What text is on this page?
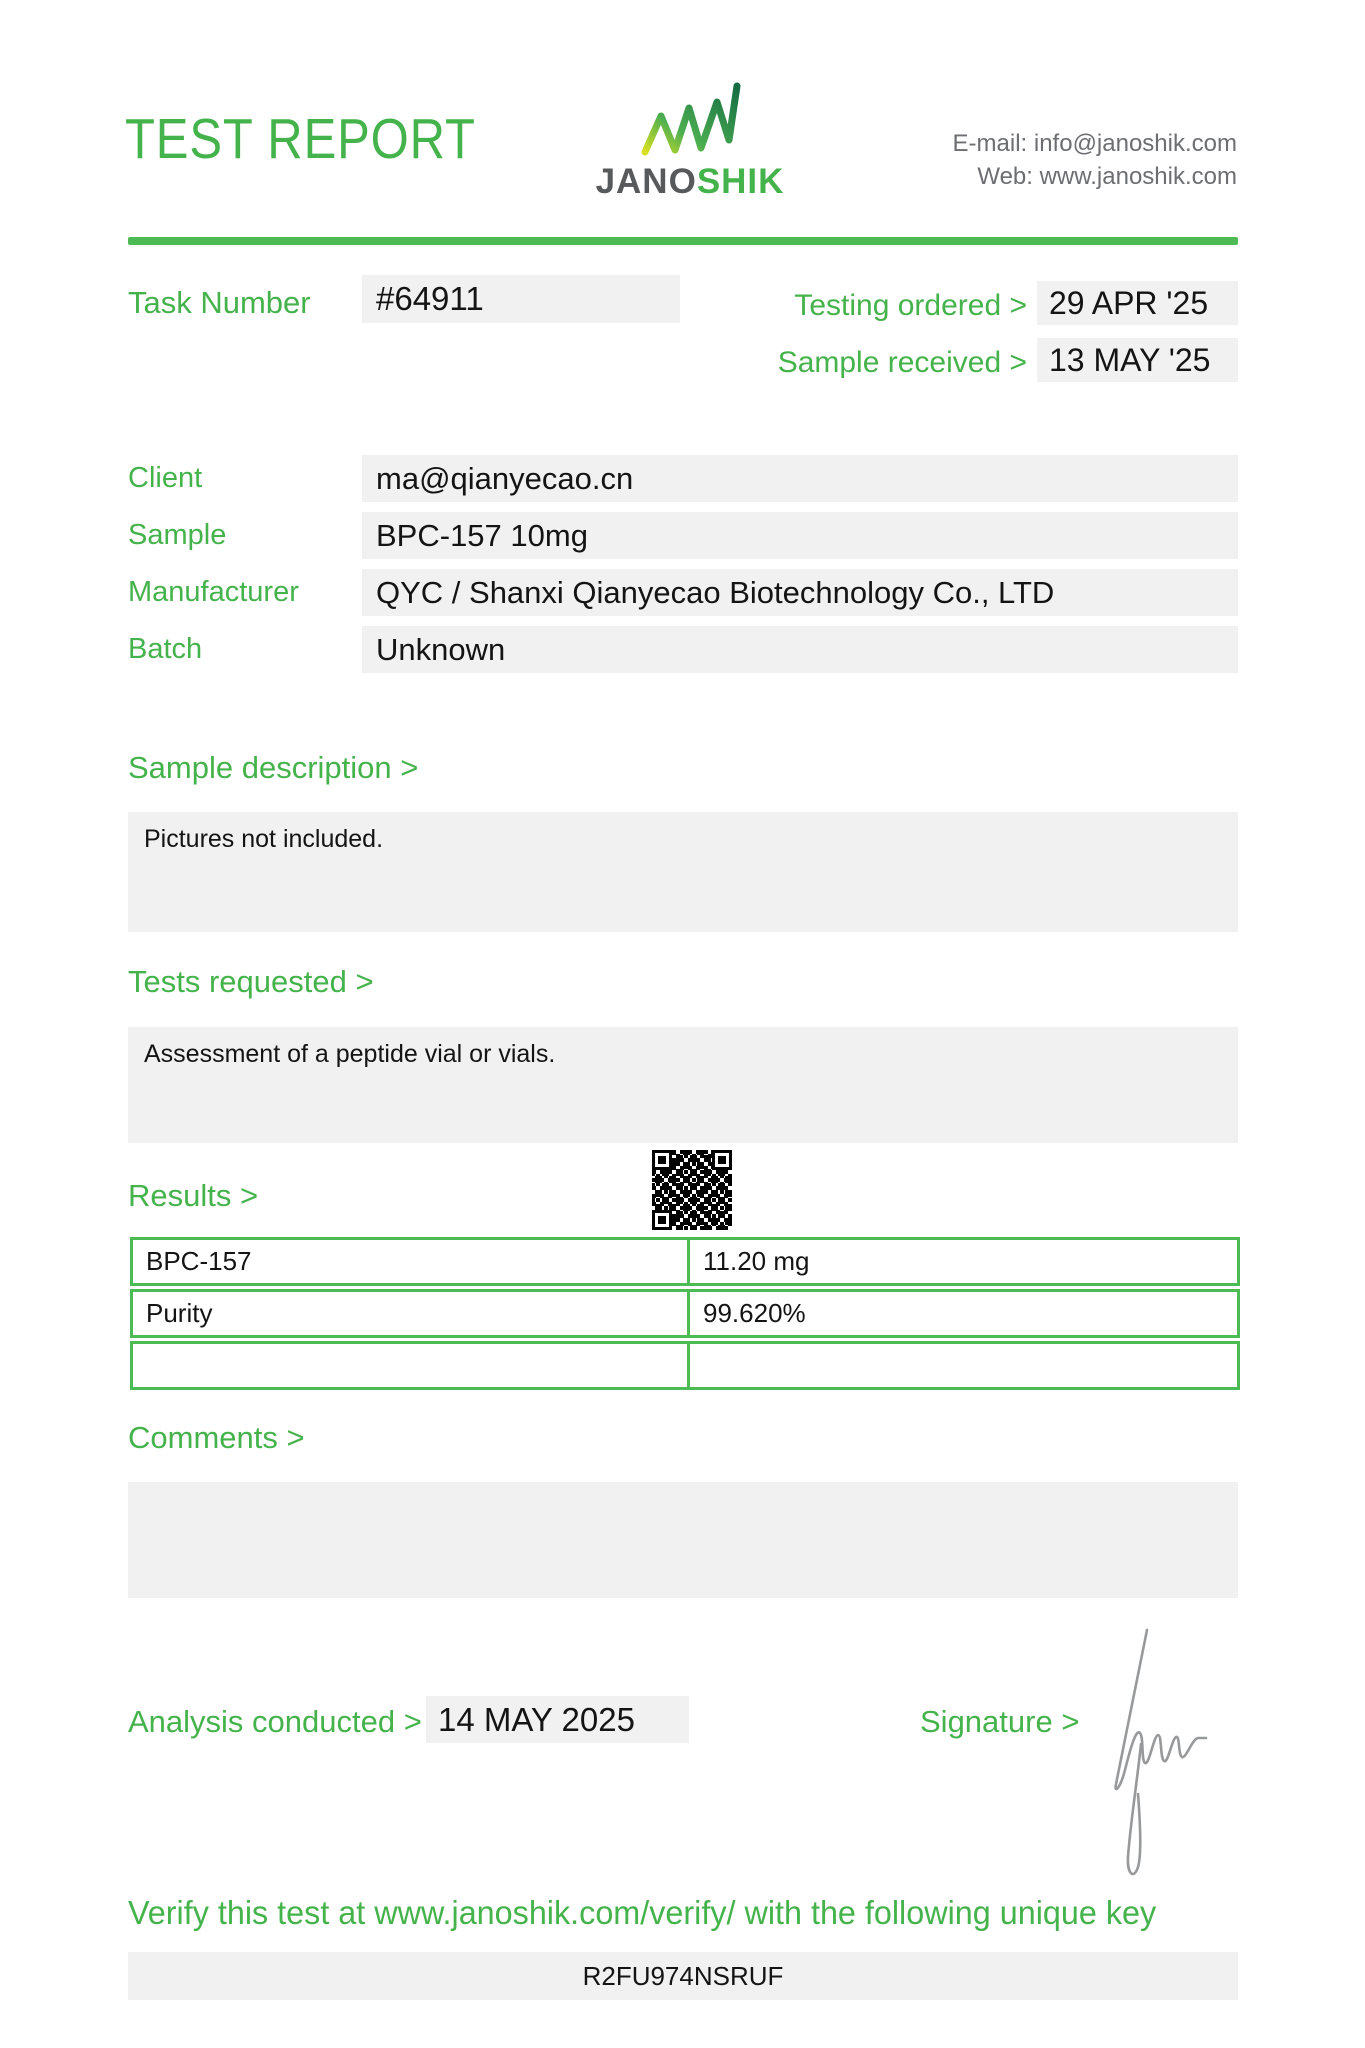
TEST REPORT
JANOSHIK
E-mail: info@janoshik.com
Web: www.janoshik.com
Task Number	#64911	Testing ordered > 29 APR '25
Sample received > 13 MAY '25
Client	ma@qianyecao.cn
Sample	BPC-157 10mg
Manufacturer	QYC / Shanxi Qianyecao Biotechnology Co., LTD
Batch	Unknown
Sample description >
Pictures not included.
Tests requested >
Assessment of a peptide vial or vials.
Results >
BPC-157	11.20 mg
Purity	99.620%
Comments >
Analysis conducted > 14 MAY 2025	Signature >
Verify this test at www.janoshik.com/verify/ with the following unique key
R2FU974NSRUF
